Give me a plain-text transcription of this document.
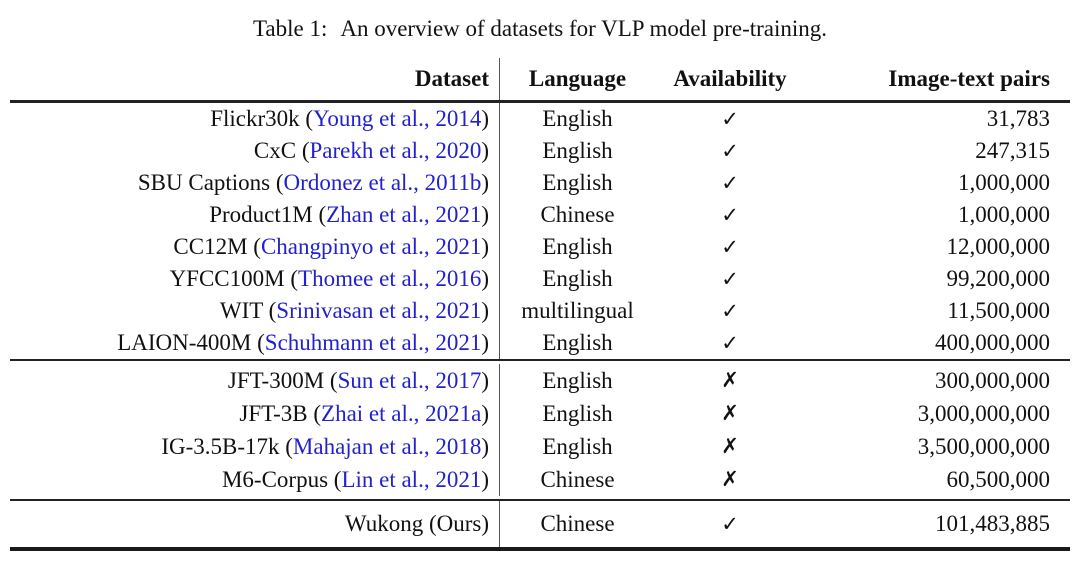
Table 1: An overview of datasets for VLP model pre-training.
Dataset	Language	Availability	Image-text pairs
Flickr30k (Young et al., 2014)	English	✓	31,783
CxC (Parekh et al., 2020)	English	✓	247,315
SBU Captions (Ordonez et al., 2011b)	English	✓	1,000,000
Product1M (Zhan et al., 2021)	Chinese	✓	1,000,000
CC12M (Changpinyo et al., 2021)	English	✓	12,000,000
YFCC100M (Thomee et al., 2016)	English	✓	99,200,000
WIT (Srinivasan et al., 2021)	multilingual	✓	11,500,000
LAION-400M (Schuhmann et al., 2021)	English	✓	400,000,000
JFT-300M (Sun et al., 2017)	English	✗	300,000,000
JFT-3B (Zhai et al., 2021a)	English	✗	3,000,000,000
IG-3.5B-17k (Mahajan et al., 2018)	English	✗	3,500,000,000
M6-Corpus (Lin et al., 2021)	Chinese	✗	60,500,000
Wukong (Ours)	Chinese	✓	101,483,885
